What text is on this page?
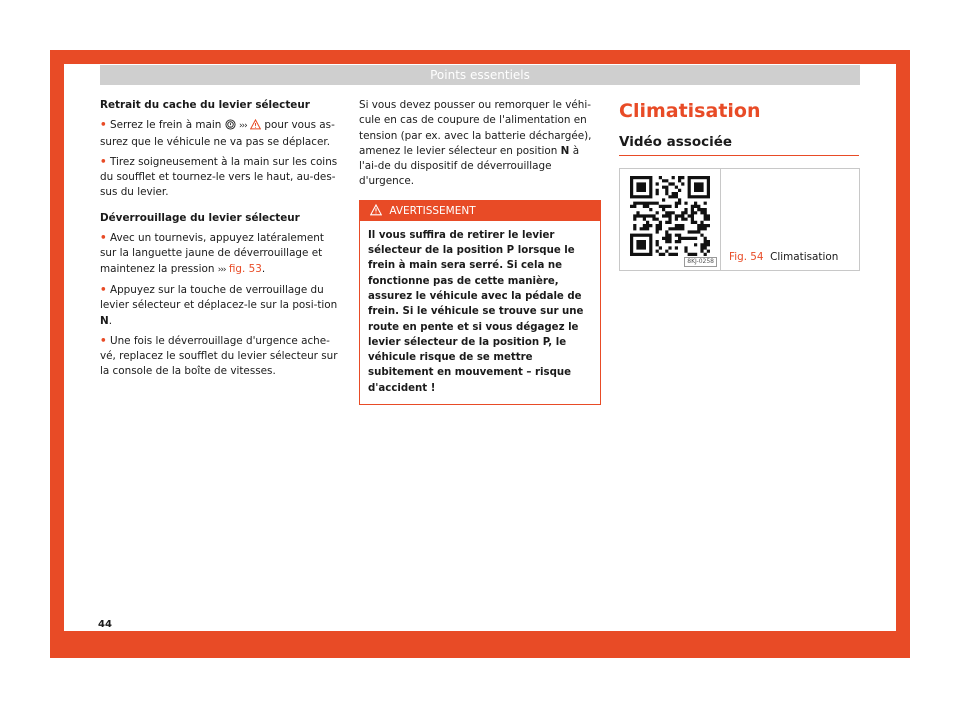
Points essentiels
Retrait du cache du levier sélecteur

• Serrez le frein à main ››› pour vous as-surez que le véhicule ne va pas se déplacer.

• Tirez soigneusement à la main sur les coins du soufflet et tournez-le vers le haut, au-des-sus du levier.

Déverrouillage du levier sélecteur

• Avec un tournevis, appuyez latéralement sur la languette jaune de déverrouillage et maintenez la pression ››› fig. 53.

• Appuyez sur la touche de verrouillage du levier sélecteur et déplacez-le sur la posi-tion N.

• Une fois le déverrouillage d'urgence ache-vé, replacez le soufflet du levier sélecteur sur la console de la boîte de vitesses.

Si vous devez pousser ou remorquer le véhi-cule en cas de coupure de l'alimentation en tension (par ex. avec la batterie déchargée), amenez le levier sélecteur en position N à l'ai-de du dispositif de déverrouillage d'urgence.

AVERTISSEMENT
Il vous suffira de retirer le levier sélecteur de la position P lorsque le frein à main sera serré. Si cela ne fonctionne pas de cette manière, assurez le véhicule avec la pédale de frein. Si le véhicule se trouve sur une route en pente et si vous dégagez le levier sélecteur de la position P, le véhicule risque de se mettre subitement en mouvement – risque d'accident !
Climatisation
Vidéo associée
8KJ-0258 Fig. 54 Climatisation
44
